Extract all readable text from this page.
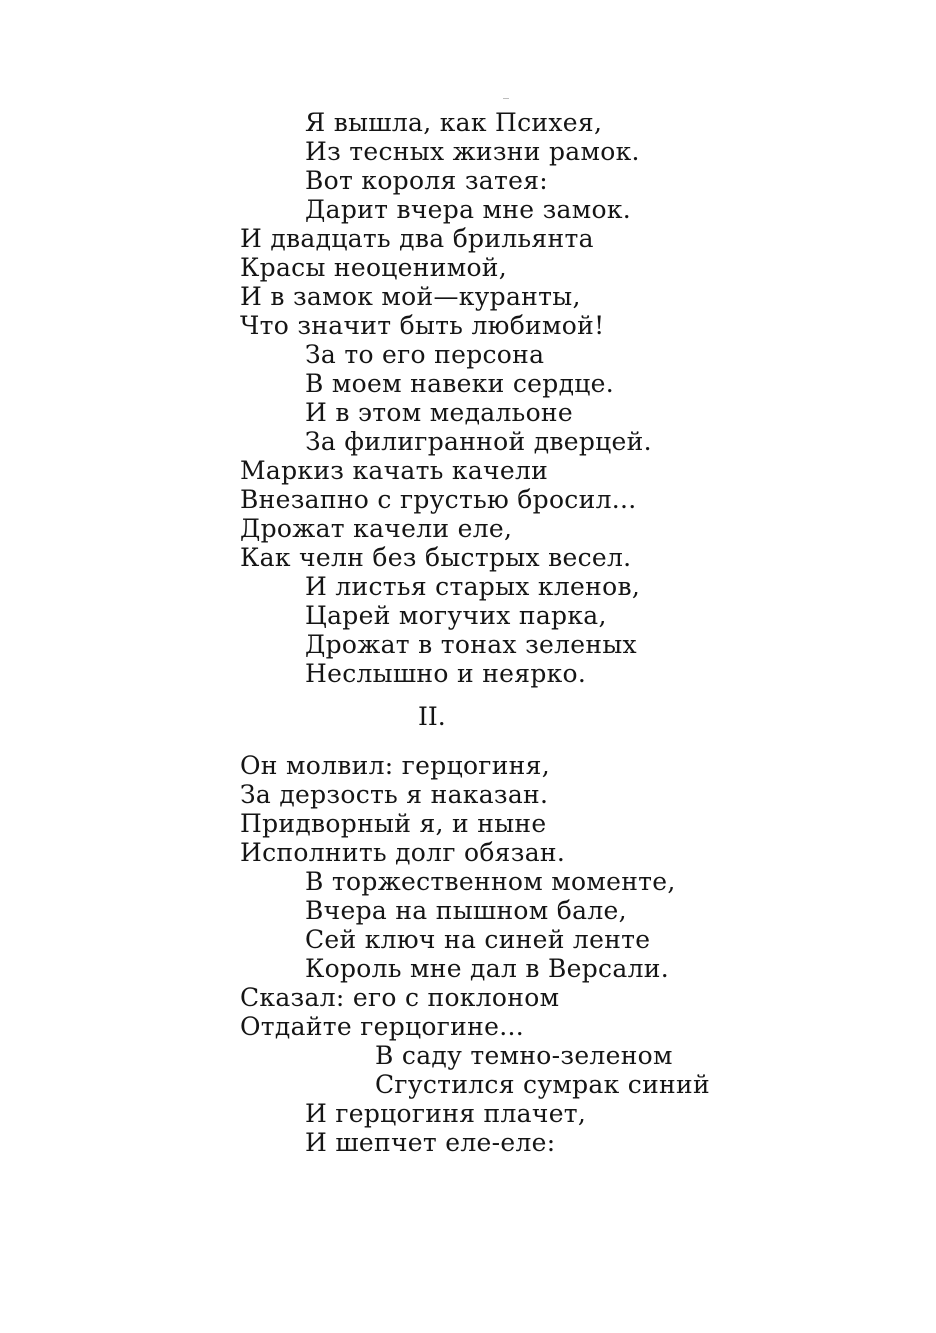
Я вышла, как Психея,
Из тесных жизни рамок.
Вот короля затея:
Дарит вчера мне замок.
И двадцать два брильянта
Красы неоценимой,
И в замок мой—куранты,
Что значит быть любимой!
За то его персона
В моем навеки сердце.
И в этом медальоне
За филигранной дверцей.
Маркиз качать качели
Внезапно с грустью бросил...
Дрожат качели еле,
Как челн без быстрых весел.
И листья старых кленов,
Царей могучих парка,
Дрожат в тонах зеленых
Неслышно и неярко.
II.
Он молвил: герцогиня,
За дерзость я наказан.
Придворный я, и ныне
Исполнить долг обязан.
В торжественном моменте,
Вчера на пышном бале,
Сей ключ на синей ленте
Король мне дал в Версали.
Сказал: его с поклоном
Отдайте герцогине...
В саду темно-зеленом
Сгустился сумрак синий
И герцогиня плачет,
И шепчет еле-еле:
